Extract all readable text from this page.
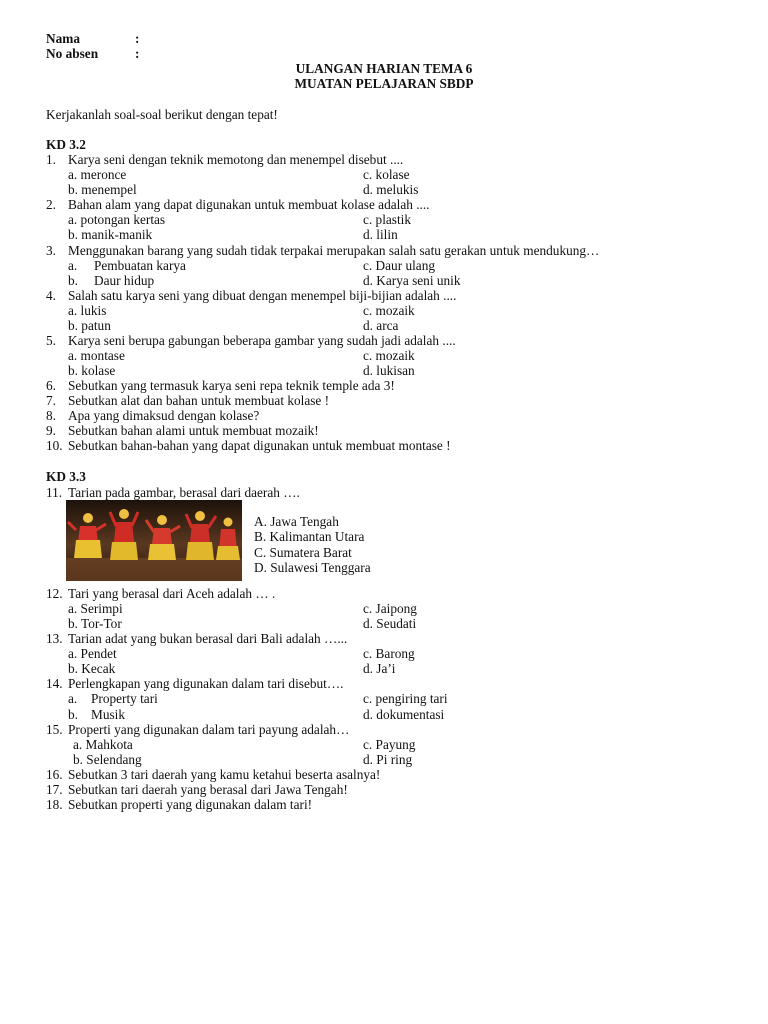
Nama	:
No absen	:
ULANGAN HARIAN TEMA 6
MUATAN PELAJARAN SBDP
Kerjakanlah soal-soal berikut dengan tepat!
KD 3.2
1. Karya seni dengan teknik memotong dan menempel disebut ....
a. meronce	c. kolase
b. menempel	d. melukis
2. Bahan alam yang dapat digunakan untuk membuat kolase adalah ....
a. potongan kertas	c. plastik
b. manik-manik	d. lilin
3. Menggunakan barang yang sudah tidak terpakai merupakan salah satu gerakan untuk mendukung…
a. Pembuatan karya	c. Daur ulang
b. Daur hidup	d. Karya seni unik
4. Salah satu karya seni yang dibuat dengan menempel biji-bijian adalah ....
a. lukis	c. mozaik
b. patun	d. arca
5. Karya seni berupa gabungan beberapa gambar yang sudah jadi adalah ....
a. montase	c. mozaik
b. kolase	d. lukisan
6. Sebutkan yang termasuk karya seni repa teknik temple ada 3!
7. Sebutkan alat dan bahan untuk membuat kolase !
8. Apa yang dimaksud dengan kolase?
9. Sebutkan bahan alami untuk membuat mozaik!
10. Sebutkan bahan-bahan yang dapat digunakan untuk membuat montase !
KD 3.3
11. Tarian pada gambar, berasal dari daerah ….
A. Jawa Tengah
B. Kalimantan Utara
C. Sumatera Barat
D. Sulawesi Tenggara
12. Tari yang berasal dari Aceh adalah … .
a. Serimpi	c. Jaipong
b. Tor-Tor	d. Seudati
13. Tarian adat yang bukan berasal dari Bali adalah …...
a. Pendet	c. Barong
b. Kecak	d. Ja’i
14. Perlengkapan yang digunakan dalam tari disebut….
a. Property tari	c. pengiring tari
b. Musik	d. dokumentasi
15. Properti yang digunakan dalam tari payung adalah…
a. Mahkota	c. Payung
b. Selendang	d. Pi ring
16. Sebutkan 3 tari daerah yang kamu ketahui beserta asalnya!
17. Sebutkan tari daerah yang berasal dari Jawa Tengah!
18. Sebutkan properti yang digunakan dalam tari!
